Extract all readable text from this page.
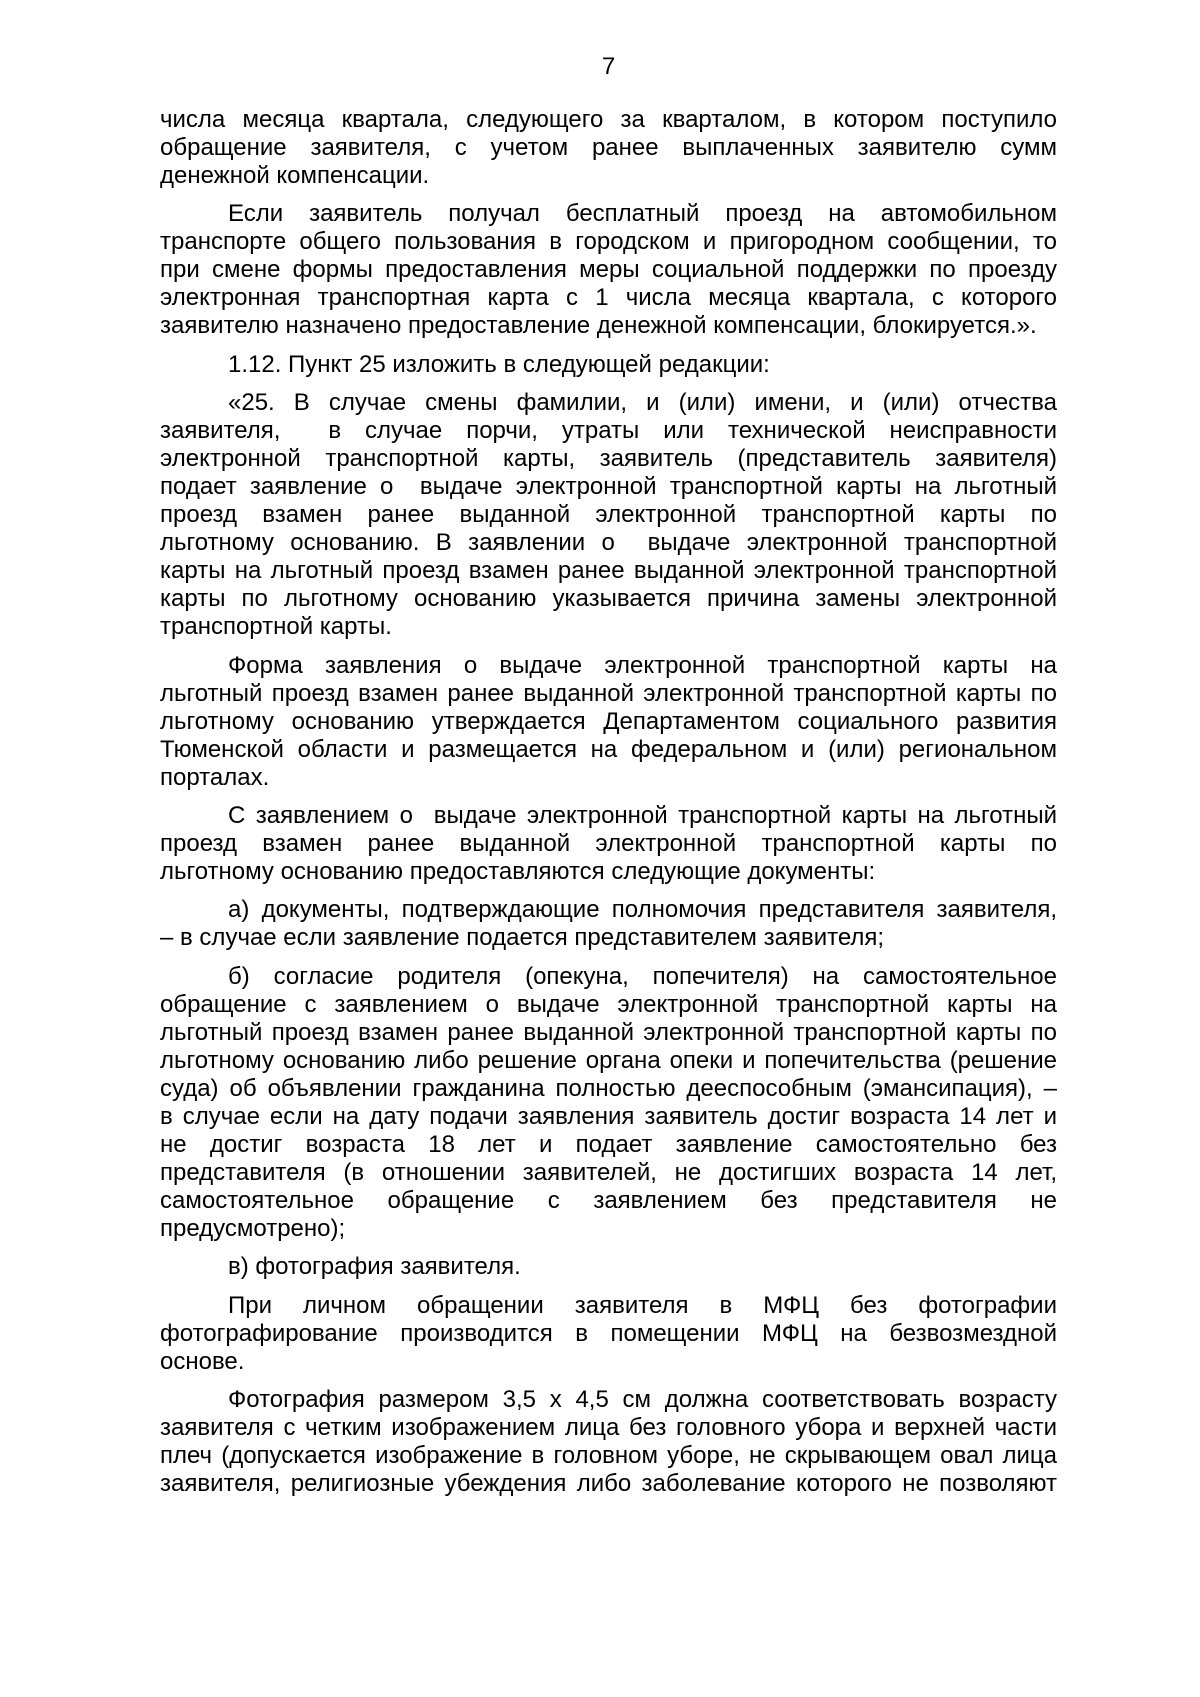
7
числа месяца квартала, следующего за кварталом, в котором поступило
обращение заявителя, с учетом ранее выплаченных заявителю сумм
денежной компенсации.
Если заявитель получал бесплатный проезд на автомобильном
транспорте общего пользования в городском и пригородном сообщении, то
при смене формы предоставления меры социальной поддержки по проезду
электронная транспортная карта с 1 числа месяца квартала, с которого
заявителю назначено предоставление денежной компенсации, блокируется.».
1.12. Пункт 25 изложить в следующей редакции:
«25. В случае смены фамилии, и (или) имени, и (или) отчества
заявителя,  в случае порчи, утраты или технической неисправности
электронной транспортной карты, заявитель (представитель заявителя)
подает заявление о  выдаче электронной транспортной карты на льготный
проезд взамен ранее выданной электронной транспортной карты по
льготному основанию. В заявлении о  выдаче электронной транспортной
карты на льготный проезд взамен ранее выданной электронной транспортной
карты по льготному основанию указывается причина замены электронной
транспортной карты.
Форма заявления о выдаче электронной транспортной карты на
льготный проезд взамен ранее выданной электронной транспортной карты по
льготному основанию утверждается Департаментом социального развития
Тюменской области и размещается на федеральном и (или) региональном
порталах.
С заявлением о  выдаче электронной транспортной карты на льготный
проезд взамен ранее выданной электронной транспортной карты по
льготному основанию предоставляются следующие документы:
а) документы, подтверждающие полномочия представителя заявителя,
– в случае если заявление подается представителем заявителя;
б) согласие родителя (опекуна, попечителя) на самостоятельное
обращение с заявлением о выдаче электронной транспортной карты на
льготный проезд взамен ранее выданной электронной транспортной карты по
льготному основанию либо решение органа опеки и попечительства (решение
суда) об объявлении гражданина полностью дееспособным (эмансипация), –
в случае если на дату подачи заявления заявитель достиг возраста 14 лет и
не достиг возраста 18 лет и подает заявление самостоятельно без
представителя (в отношении заявителей, не достигших возраста 14 лет,
самостоятельное обращение с заявлением без представителя не
предусмотрено);
в) фотография заявителя.
При личном обращении заявителя в МФЦ без фотографии
фотографирование производится в помещении МФЦ на безвозмездной
основе.
Фотография размером 3,5 x 4,5 см должна соответствовать возрасту
заявителя с четким изображением лица без головного убора и верхней части
плеч (допускается изображение в головном уборе, не скрывающем овал лица
заявителя, религиозные убеждения либо заболевание которого не позволяют
